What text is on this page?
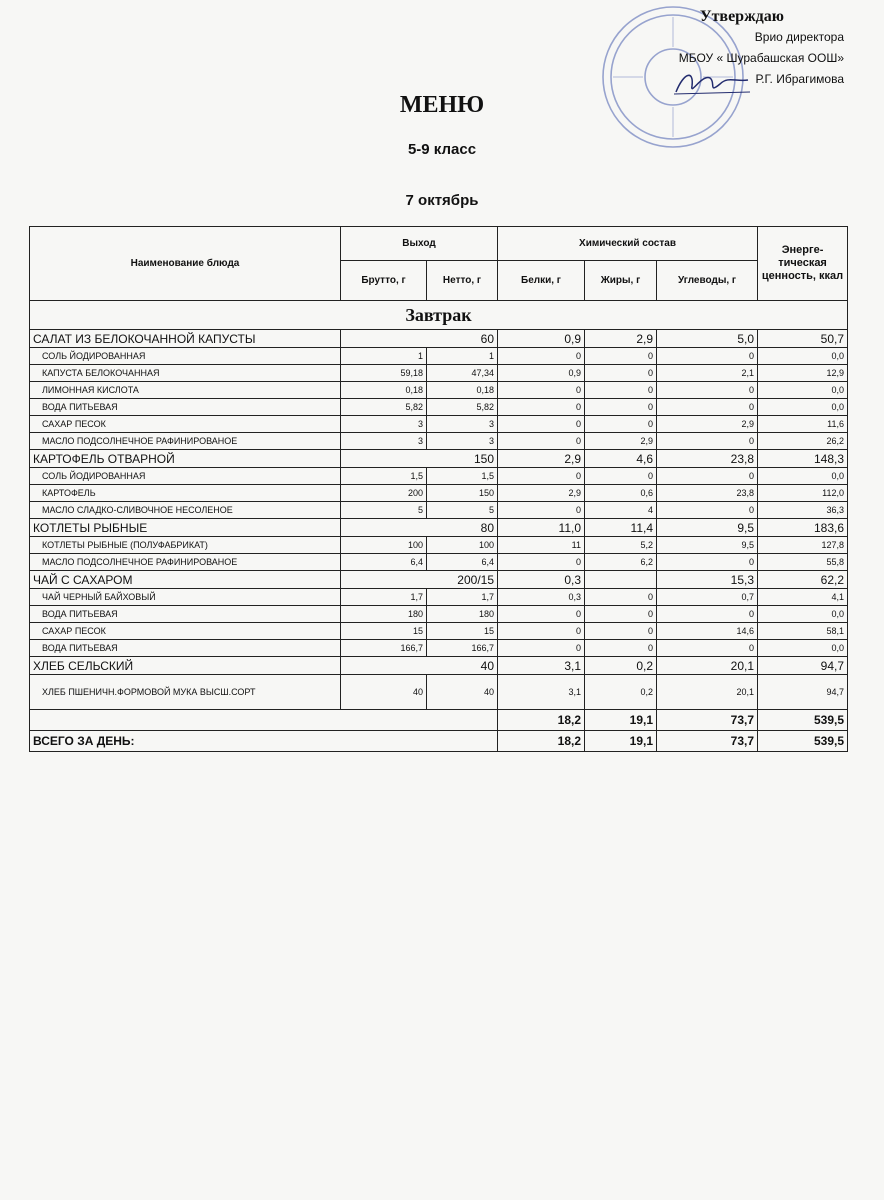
Утверждаю
Врио директора
МБОУ « Шурабашская ООШ»
Р.Г. Ибрагимова
МЕНЮ
5-9 класс
7 октябрь
Наименование блюда	Выход		Химический состав			Энерге-тическая ценность, ккал
	Брутто, г	Нетто, г	Белки, г	Жиры, г	Углеводы, г	
Завтрак						
САЛАТ ИЗ БЕЛОКОЧАННОЙ КАПУСТЫ	60		0,9	2,9	5,0	50,7
СОЛЬ ЙОДИРОВАННАЯ	1	1	0	0	0	0,0
КАПУСТА БЕЛОКОЧАННАЯ	59,18	47,34	0,9	0	2,1	12,9
ЛИМОННАЯ КИСЛОТА	0,18	0,18	0	0	0	0,0
ВОДА ПИТЬЕВАЯ	5,82	5,82	0	0	0	0,0
САХАР ПЕСОК	3	3	0	0	2,9	11,6
МАСЛО ПОДСОЛНЕЧНОЕ РАФИНИРОВАНОЕ	3	3	0	2,9	0	26,2
КАРТОФЕЛЬ ОТВАРНОЙ	150		2,9	4,6	23,8	148,3
СОЛЬ ЙОДИРОВАННАЯ	1,5	1,5	0	0	0	0,0
КАРТОФЕЛЬ	200	150	2,9	0,6	23,8	112,0
МАСЛО СЛАДКО-СЛИВОЧНОЕ НЕСОЛЕНОЕ	5	5	0	4	0	36,3
КОТЛЕТЫ РЫБНЫЕ	80		11,0	11,4	9,5	183,6
КОТЛЕТЫ РЫБНЫЕ (ПОЛУФАБРИКАТ)	100	100	11	5,2	9,5	127,8
МАСЛО ПОДСОЛНЕЧНОЕ РАФИНИРОВАНОЕ	6,4	6,4	0	6,2	0	55,8
ЧАЙ С САХАРОМ	200/15		0,3		15,3	62,2
ЧАЙ ЧЕРНЫЙ БАЙХОВЫЙ	1,7	1,7	0,3	0	0,7	4,1
ВОДА ПИТЬЕВАЯ	180	180	0	0	0	0,0
САХАР ПЕСОК	15	15	0	0	14,6	58,1
ВОДА ПИТЬЕВАЯ	166,7	166,7	0	0	0	0,0
ХЛЕБ СЕЛЬСКИЙ	40		3,1	0,2	20,1	94,7
ХЛЕБ ПШЕНИЧН.ФОРМОВОЙ МУКА ВЫСШ.СОРТ	40	40	3,1	0,2	20,1	94,7
			18,2	19,1	73,7	539,5
ВСЕГО ЗА ДЕНЬ:			18,2	19,1	73,7	539,5
